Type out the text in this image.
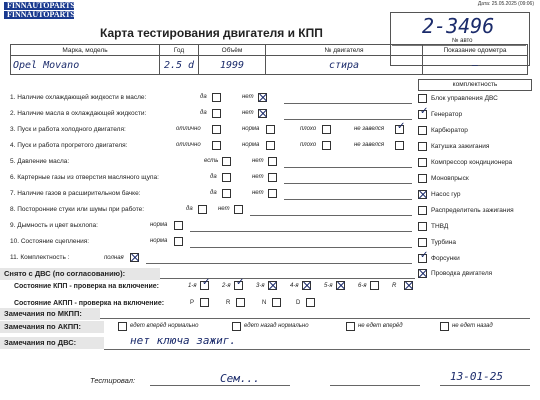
FINNAUTOPARTS
FINNAUTOPARTS
Дата: 25.05.2025 (09:06)
Карта тестирования двигателя и КПП	2-3496
№ авто
Марка, модель	Год	Объём	№ двигателя	Показание одометра
Opel Movano	2.5 d	1999	стира	—
комплектность
1. Наличие охлаждающей жидкости в масле:	да	нет
2. Наличие масла в охлаждающей жидкости:	да	нет
3. Пуск и работа холодного двигателя:	отлично	норма	плохо	не завелся
✓
4. Пуск и работа прогретого двигателя:	отлично	норма	плохо	не завелся
5. Давление масла:	есть	нет
6. Картерные газы из отверстия масляного щупа:	да	нет
7. Наличие газов в расширительном бачке:	да	нет
8. Посторонние стуки или шумы при работе:	да	нет
9. Дымность и цвет выхлопа:	норма
10. Состояние сцепления:	норма
11. Комплектность :	полная
Блок управления ДВС
✓
Генератор
Карбюратор
Катушка зажигания
Компрессор кондиционера
Моновпрыск
Насос гур
Распределитель зажигания
ТНВД
Турбина
✓
Форсунки
Проводка двигателя
Снято с ДВС (по согласованию):
Состояние КПП - проверка на включение:	1-я ✓	2-я ✓	3-я	4-я	5-я	6-я	R
Состояние АКПП - проверка на включение:	P	R	N	D
Замечания по МКПП:
Замечания по АКПП:	едет вперёд нормально	едет назад нормально	не едет вперёд	не едет назад
Замечания по ДВС:	нет ключа зажиг.
Тестировал:	Сем...	13-01-25
